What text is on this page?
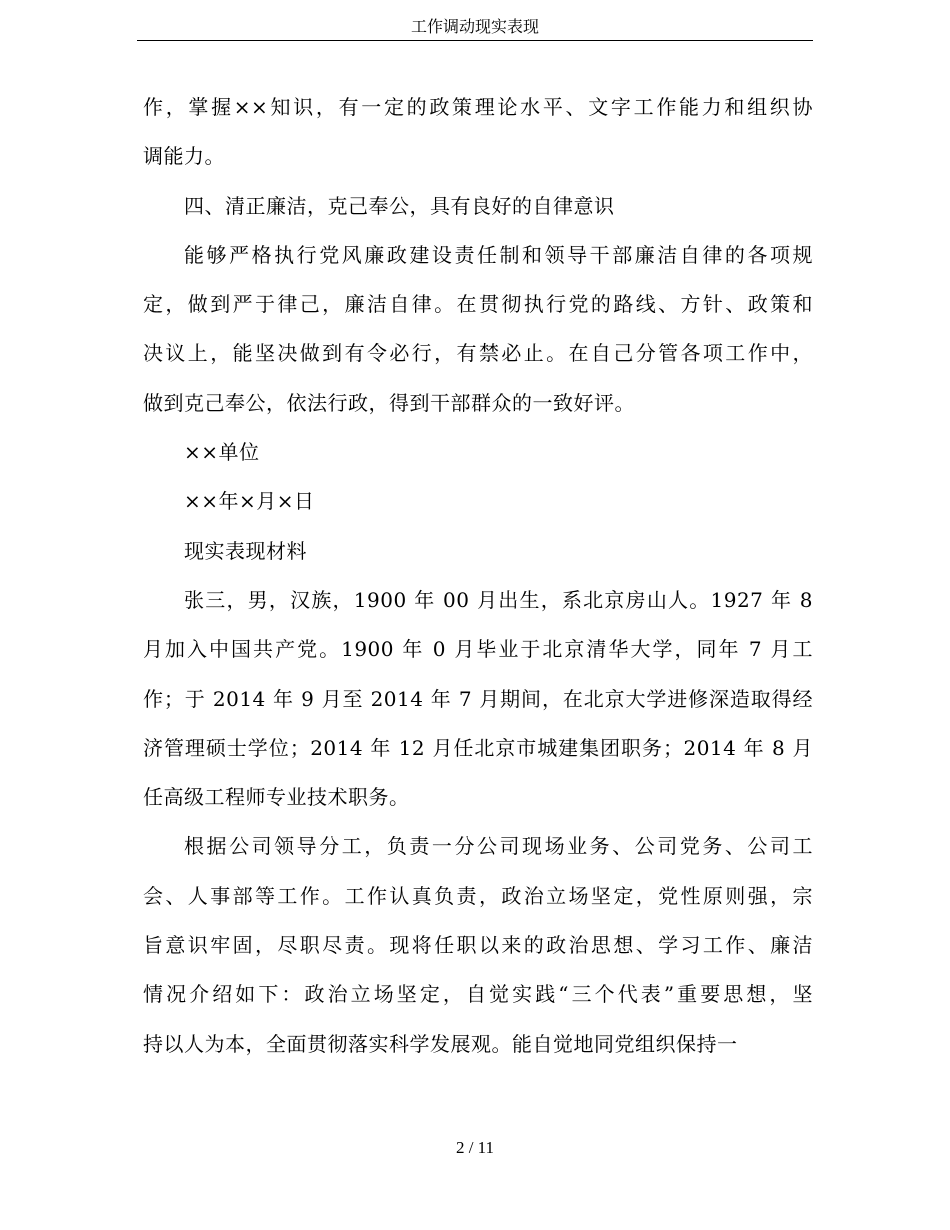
工作调动现实表现
作，掌握××知识，有一定的政策理论水平、文字工作能力和组织协
调能力。
四、清正廉洁，克己奉公，具有良好的自律意识
能够严格执行党风廉政建设责任制和领导干部廉洁自律的各项规
定，做到严于律己，廉洁自律。在贯彻执行党的路线、方针、政策和
决议上，能坚决做到有令必行，有禁必止。在自己分管各项工作中，
做到克己奉公，依法行政，得到干部群众的一致好评。
××单位
××年×月×日
现实表现材料
张三，男，汉族，1900 年 00 月出生，系北京房山人。1927 年 8
月加入中国共产党。1900 年 0 月毕业于北京清华大学，同年 7 月工
作；于 2014 年 9 月至 2014 年 7 月期间，在北京大学进修深造取得经
济管理硕士学位；2014 年 12 月任北京市城建集团职务；2014 年 8 月
任高级工程师专业技术职务。
根据公司领导分工，负责一分公司现场业务、公司党务、公司工
会、人事部等工作。工作认真负责，政治立场坚定，党性原则强，宗
旨意识牢固，尽职尽责。现将任职以来的政治思想、学习工作、廉洁
情况介绍如下：政治立场坚定，自觉实践“三个代表”重要思想，坚
持以人为本，全面贯彻落实科学发展观。能自觉地同党组织保持一
2 / 11
